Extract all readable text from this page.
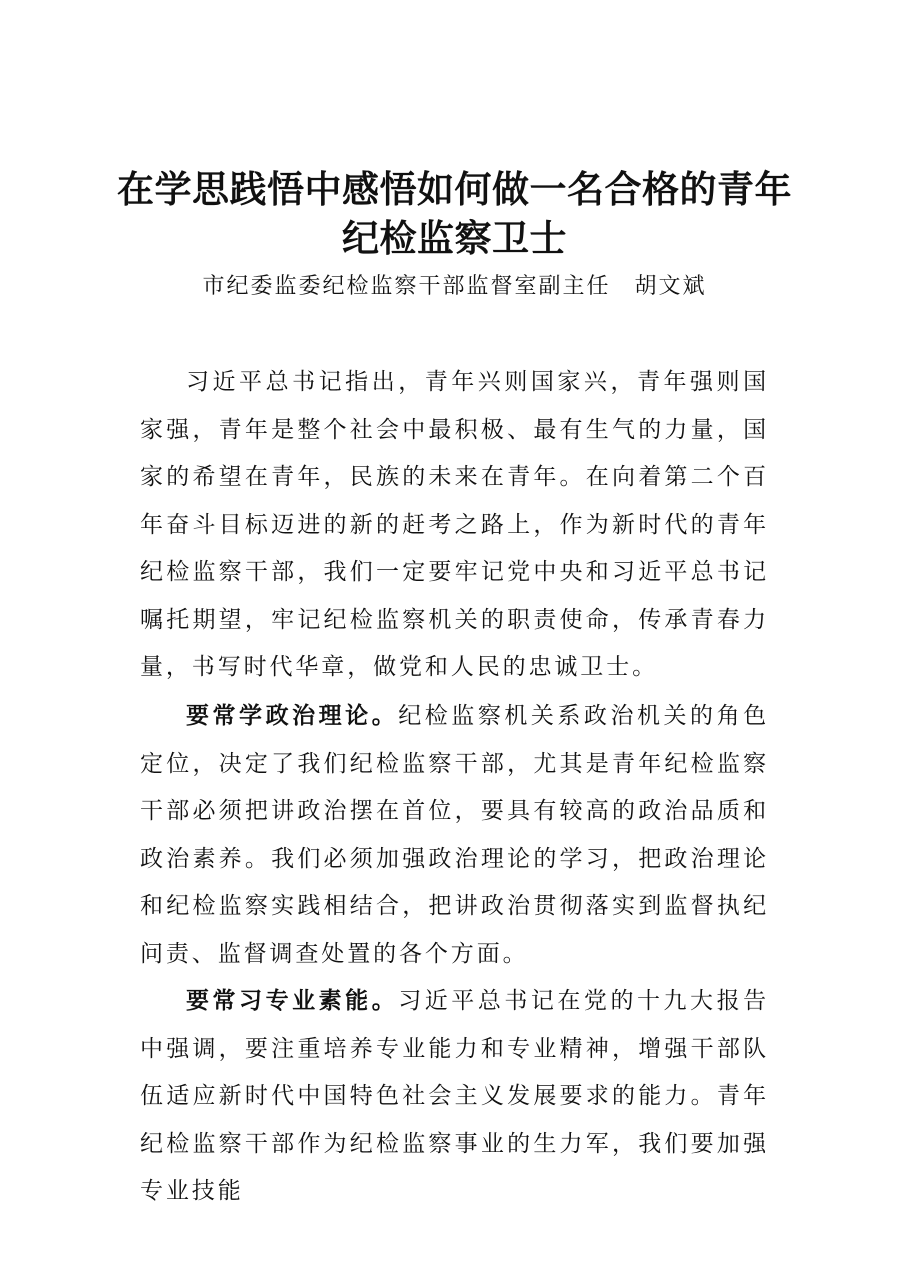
在学思践悟中感悟如何做一名合格的青年
纪检监察卫士
市纪委监委纪检监察干部监督室副主任　胡文斌

习近平总书记指出，青年兴则国家兴，青年强则国家强，青年是整个社会中最积极、最有生气的力量，国家的希望在青年，民族的未来在青年。在向着第二个百年奋斗目标迈进的新的赶考之路上，作为新时代的青年纪检监察干部，我们一定要牢记党中央和习近平总书记嘱托期望，牢记纪检监察机关的职责使命，传承青春力量，书写时代华章，做党和人民的忠诚卫士。

要常学政治理论。纪检监察机关系政治机关的角色定位，决定了我们纪检监察干部，尤其是青年纪检监察干部必须把讲政治摆在首位，要具有较高的政治品质和政治素养。我们必须加强政治理论的学习，把政治理论和纪检监察实践相结合，把讲政治贯彻落实到监督执纪问责、监督调查处置的各个方面。

要常习专业素能。习近平总书记在党的十九大报告中强调，要注重培养专业能力和专业精神，增强干部队伍适应新时代中国特色社会主义发展要求的能力。青年纪检监察干部作为纪检监察事业的生力军，我们要加强专业技能
